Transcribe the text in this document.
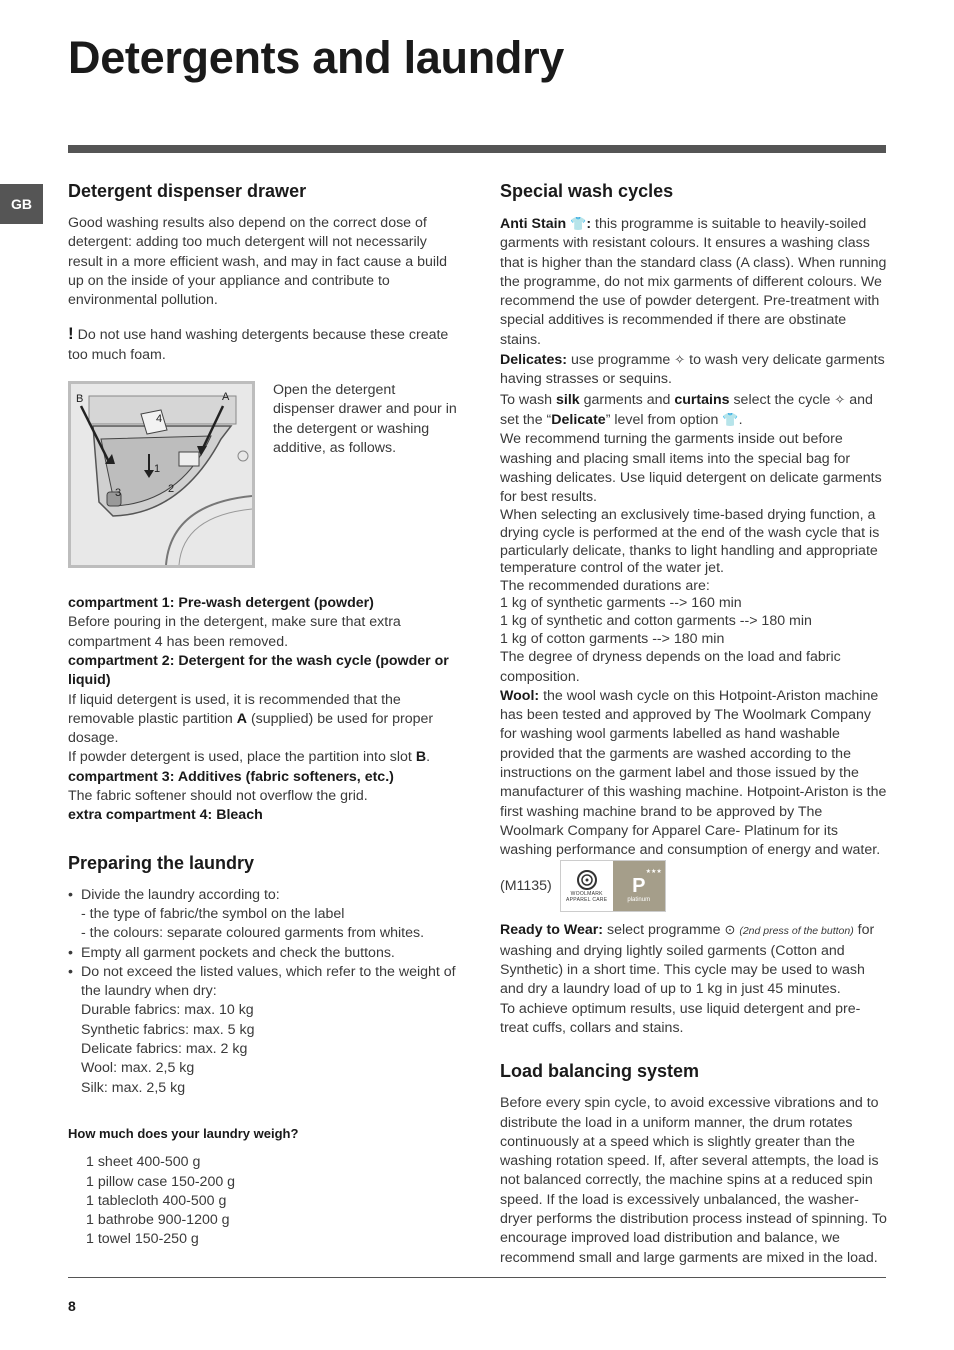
Detergents and laundry
GB
Detergent dispenser drawer

Good washing results also depend on the correct dose of detergent: adding too much detergent will not necessarily result in a more efficient wash, and may in fact cause a build up on the inside of your appliance and contribute to environmental pollution.

! Do not use hand washing detergents because these create too much foam.

B	A
4
1
2
3

Open the detergent dispenser drawer and pour in the detergent or washing additive, as follows.

compartment 1: Pre-wash detergent (powder)

Before pouring in the detergent, make sure that extra compartment 4 has been removed.

compartment 2: Detergent for the wash cycle (powder or liquid)

If liquid detergent is used, it is recommended that the removable plastic partition A (supplied) be used for proper dosage.

If powder detergent is used, place the partition into slot B.

compartment 3: Additives (fabric softeners, etc.)

The fabric softener should not overflow the grid.

extra compartment 4: Bleach

Preparing the laundry
• Divide the laundry according to:
- the type of fabric/the symbol on the label
- the colours: separate coloured garments from whites.
• Empty all garment pockets and check the buttons.
• Do not exceed the listed values, which refer to the weight of the laundry when dry:
Durable fabrics: max. 10 kg
Synthetic fabrics: max. 5 kg
Delicate fabrics: max. 2 kg
Wool: max. 2,5 kg
Silk: max. 2,5 kg

How much does your laundry weigh?

1 sheet 400-500 g
1 pillow case 150-200 g
1 tablecloth 400-500 g
1 bathrobe 900-1200 g
1 towel 150-250 g
Special wash cycles

Anti Stain 👕: this programme is suitable to heavily-soiled garments with resistant colours. It ensures a washing class that is higher than the standard class (A class). When running the programme, do not mix garments of different colours. We recommend the use of powder detergent. Pre-treatment with special additives is recommended if there are obstinate stains.

Delicates: use programme ✧ to wash very delicate garments having strasses or sequins.

To wash silk garments and curtains select the cycle ✧ and set the “Delicate” level from option 👕.

We recommend turning the garments inside out before washing and placing small items into the special bag for washing delicates. Use liquid detergent on delicate garments for best results.

When selecting an exclusively time-based drying function, a drying cycle is performed at the end of the wash cycle that is particularly delicate, thanks to light handling and appropriate temperature control of the water jet.

The recommended durations are:

1 kg of synthetic garments --> 160 min

1 kg of synthetic and cotton garments --> 180 min

1 kg of cotton garments --> 180 min

The degree of dryness depends on the load and fabric composition.

Wool: the wool wash cycle on this Hotpoint-Ariston machine has been tested and approved by The Woolmark Company for washing wool garments labelled as hand washable provided that the garments are washed according to the instructions on the garment label and those issued by the manufacturer of this washing machine. Hotpoint-Ariston is the first washing machine brand to be approved by The Woolmark Company for Apparel Care- Platinum for its washing performance and consumption of energy and water. (M1135)
WOOLMARK
APPAREL CARE
★★★
P
platinum

Ready to Wear: select programme ⊙ (2nd press of the button) for washing and drying lightly soiled garments (Cotton and Synthetic) in a short time. This cycle may be used to wash and dry a laundry load of up to 1 kg in just 45 minutes.

To achieve optimum results, use liquid detergent and pre-treat cuffs, collars and stains.

Load balancing system

Before every spin cycle, to avoid excessive vibrations and to distribute the load in a uniform manner, the drum rotates continuously at a speed which is slightly greater than the washing rotation speed. If, after several attempts, the load is not balanced correctly, the machine spins at a reduced spin speed. If the load is excessively unbalanced, the washer-dryer performs the distribution process instead of spinning. To encourage improved load distribution and balance, we recommend small and large garments are mixed in the load.

8
